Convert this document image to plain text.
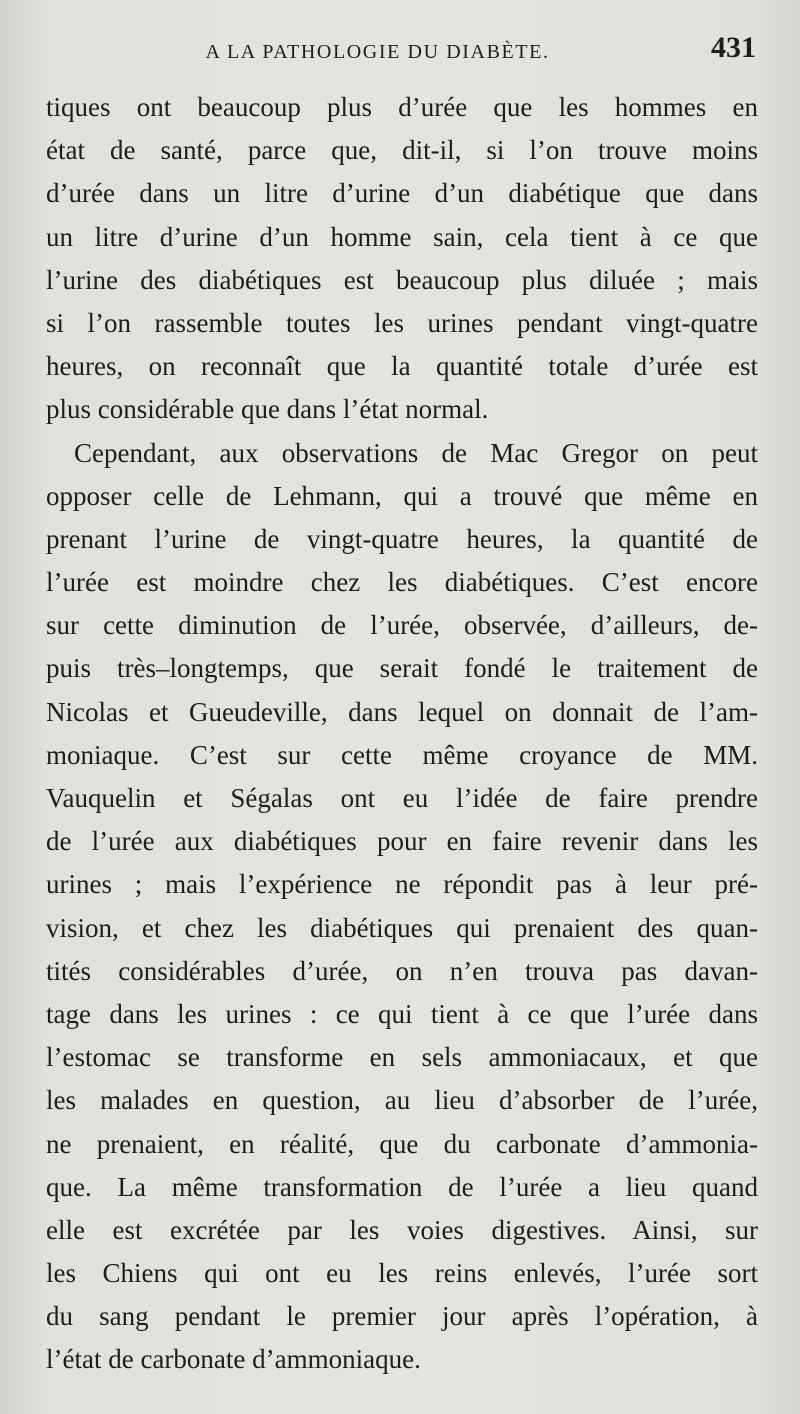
A LA PATHOLOGIE DU DIABÈTE.	431
tiques ont beaucoup plus d’urée que les hommes en
état de santé, parce que, dit-il, si l’on trouve moins
d’urée dans un litre d’urine d’un diabétique que dans
un litre d’urine d’un homme sain, cela tient à ce que
l’urine des diabétiques est beaucoup plus diluée ; mais
si l’on rassemble toutes les urines pendant vingt-quatre
heures, on reconnaît que la quantité totale d’urée est
plus considérable que dans l’état normal.
Cependant, aux observations de Mac Gregor on peut
opposer celle de Lehmann, qui a trouvé que même en
prenant l’urine de vingt-quatre heures, la quantité de
l’urée est moindre chez les diabétiques. C’est encore
sur cette diminution de l’urée, observée, d’ailleurs, de-
puis très–longtemps, que serait fondé le traitement de
Nicolas et Gueudeville, dans lequel on donnait de l’am-
moniaque. C’est sur cette même croyance de MM.
Vauquelin et Ségalas ont eu l’idée de faire prendre
de l’urée aux diabétiques pour en faire revenir dans les
urines ; mais l’expérience ne répondit pas à leur pré-
vision, et chez les diabétiques qui prenaient des quan-
tités considérables d’urée, on n’en trouva pas davan-
tage dans les urines : ce qui tient à ce que l’urée dans
l’estomac se transforme en sels ammoniacaux, et que
les malades en question, au lieu d’absorber de l’urée,
ne prenaient, en réalité, que du carbonate d’ammonia-
que. La même transformation de l’urée a lieu quand
elle est excrétée par les voies digestives. Ainsi, sur
les Chiens qui ont eu les reins enlevés, l’urée sort
du sang pendant le premier jour après l’opération, à
l’état de carbonate d’ammoniaque.
